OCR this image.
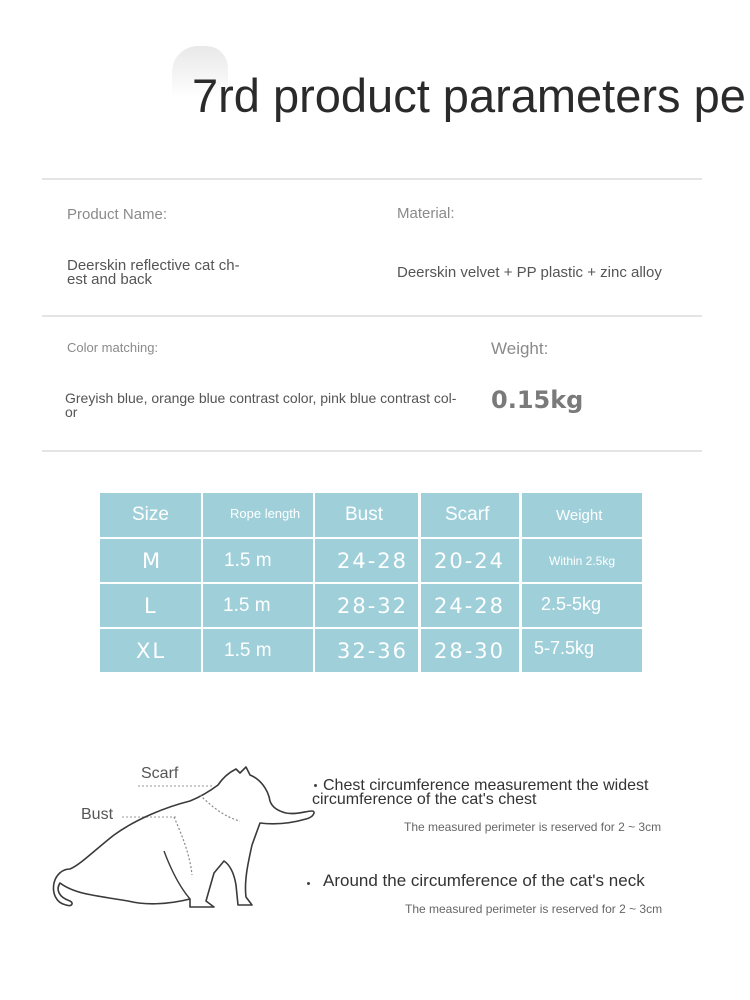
7rd product parameters pe
Product Name:
Deerskin reflective cat ch-
est and back
Material:
Deerskin velvet + PP plastic + zinc alloy
Color matching:
Greyish blue, orange blue contrast color, pink blue contrast col-
or
Weight:
0.15kg
Size	Rope length	Bust	Scarf	Weight
M	1.5 m	24-28	20-24	Within 2.5kg
L	1.5 m	28-32	24-28	2.5-5kg
XL	1.5 m	32-36	28-30	5-7.5kg
Scarf
Bust
Chest circumference measurement the widest
circumference of the cat's chest
The measured perimeter is reserved for 2 ~ 3cm
Around the circumference of the cat's neck
The measured perimeter is reserved for 2 ~ 3cm
